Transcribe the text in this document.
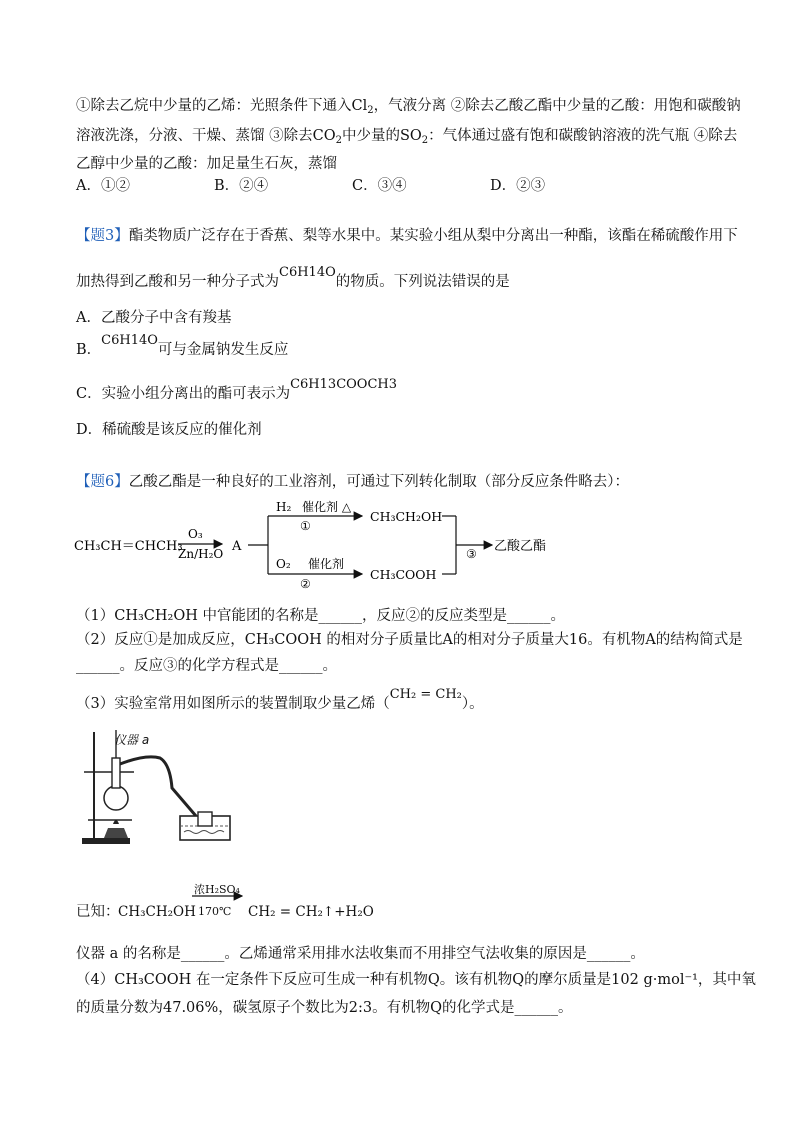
①除去乙烷中少量的乙烯：光照条件下通入$Cl_2$，气液分离 ②除去乙酸乙酯中少量的乙酸：用饱和碳酸钠
溶液洗涤，分液、干燥、蒸馏 ③除去$CO_2$中少量的$SO_2$：气体通过盛有饱和碳酸钠溶液的洗气瓶 ④除去
乙醇中少量的乙酸：加足量生石灰，蒸馏
A．①②	B．②④	C．③④	D．②③
【题3】酯类物质广泛存在于香蕉、梨等水果中。某实验小组从梨中分离出一种酯，该酯在稀硫酸作用下
加热得到乙酸和另一种分子式为C6H14O的物质。下列说法错误的是
A．乙酸分子中含有羧基
B．C6H14O可与金属钠发生反应
C．实验小组分离出的酯可表示为C6H13COOCH3
D．稀硫酸是该反应的催化剂
【题6】乙酸乙酯是一种良好的工业溶剂，可通过下列转化制取（部分反应条件略去）：
CH₃CH＝CHCH₃
O₃
Zn/H₂O A
H₂ 催化剂 △
①
O₂ 催化剂
②
CH₃CH₂OH
CH₃COOH
③ 乙酸乙酯
（1）CH₃CH₂OH 中官能团的名称是______，反应②的反应类型是______。
（2）反应①是加成反应，CH₃COOH 的相对分子质量比A的相对分子质量大16。有机物A的结构简式是
______。反应③的化学方程式是______。
（3）实验室常用如图所示的装置制取少量乙烯（CH₂ = CH₂）。
仪器 a
已知：
CH₃CH₂OH
浓H₂SO₄
170℃ CH₂ = CH₂↑+H₂O
仪器 a 的名称是______。乙烯通常采用排水法收集而不用排空气法收集的原因是______。
（4）CH₃COOH 在一定条件下反应可生成一种有机物Q。该有机物Q的摩尔质量是102 g·mol⁻¹，其中氧
的质量分数为47.06%，碳氢原子个数比为2:3。有机物Q的化学式是______。
